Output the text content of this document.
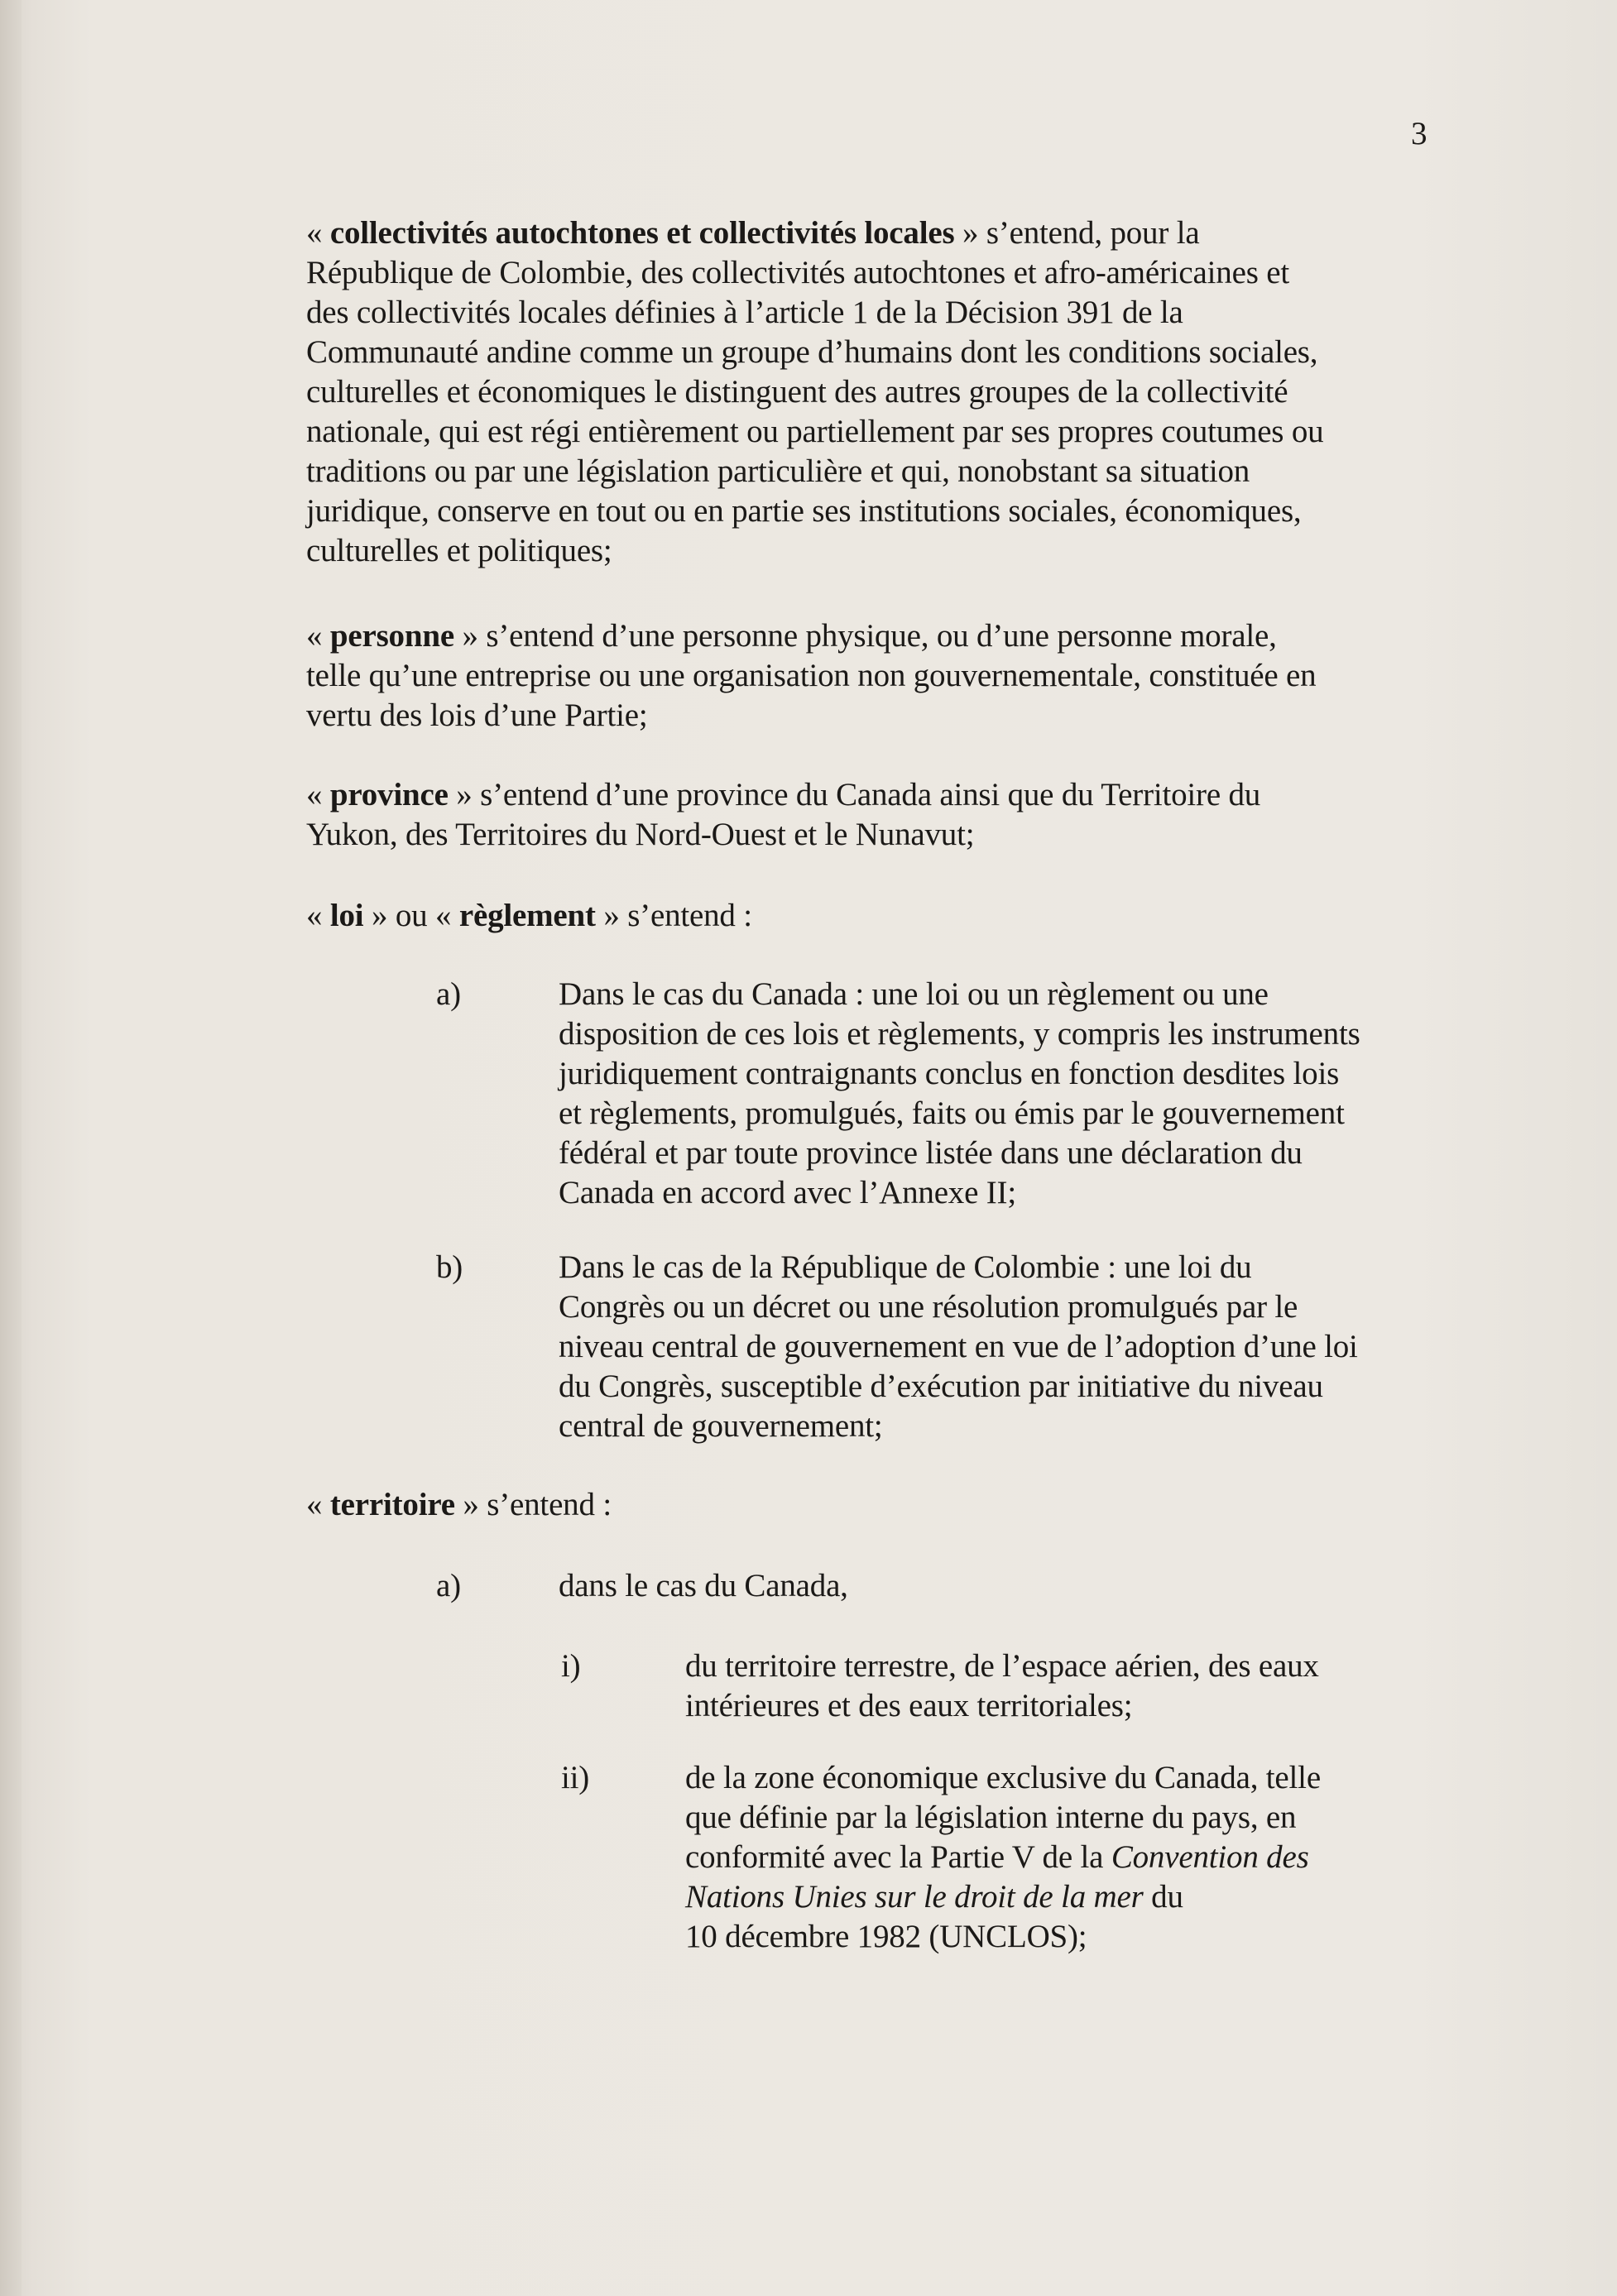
3
« collectivités autochtones et collectivités locales » s’entend, pour la
République de Colombie, des collectivités autochtones et afro-américaines et
des collectivités locales définies à l’article 1 de la Décision 391 de la
Communauté andine comme un groupe d’humains dont les conditions sociales,
culturelles et économiques le distinguent des autres groupes de la collectivité
nationale, qui est régi entièrement ou partiellement par ses propres coutumes ou
traditions ou par une législation particulière et qui, nonobstant sa situation
juridique, conserve en tout ou en partie ses institutions sociales, économiques,
culturelles et politiques;
« personne » s’entend d’une personne physique, ou d’une personne morale,
telle qu’une entreprise ou une organisation non gouvernementale, constituée en
vertu des lois d’une Partie;
« province » s’entend d’une province du Canada ainsi que du Territoire du
Yukon, des Territoires du Nord-Ouest et le Nunavut;
« loi » ou « règlement » s’entend :
a)	Dans le cas du Canada : une loi ou un règlement ou une
disposition de ces lois et règlements, y compris les instruments
juridiquement contraignants conclus en fonction desdites lois
et règlements, promulgués, faits ou émis par le gouvernement
fédéral et par toute province listée dans une déclaration du
Canada en accord avec l’Annexe II;
b)	Dans le cas de la République de Colombie : une loi du
Congrès ou un décret ou une résolution promulgués par le
niveau central de gouvernement en vue de l’adoption d’une loi
du Congrès, susceptible d’exécution par initiative du niveau
central de gouvernement;
« territoire » s’entend :
a)	dans le cas du Canada,
i)	du territoire terrestre, de l’espace aérien, des eaux
intérieures et des eaux territoriales;
ii)	de la zone économique exclusive du Canada, telle
que définie par la législation interne du pays, en
conformité avec la Partie V de la Convention des
Nations Unies sur le droit de la mer du
10 décembre 1982 (UNCLOS);
